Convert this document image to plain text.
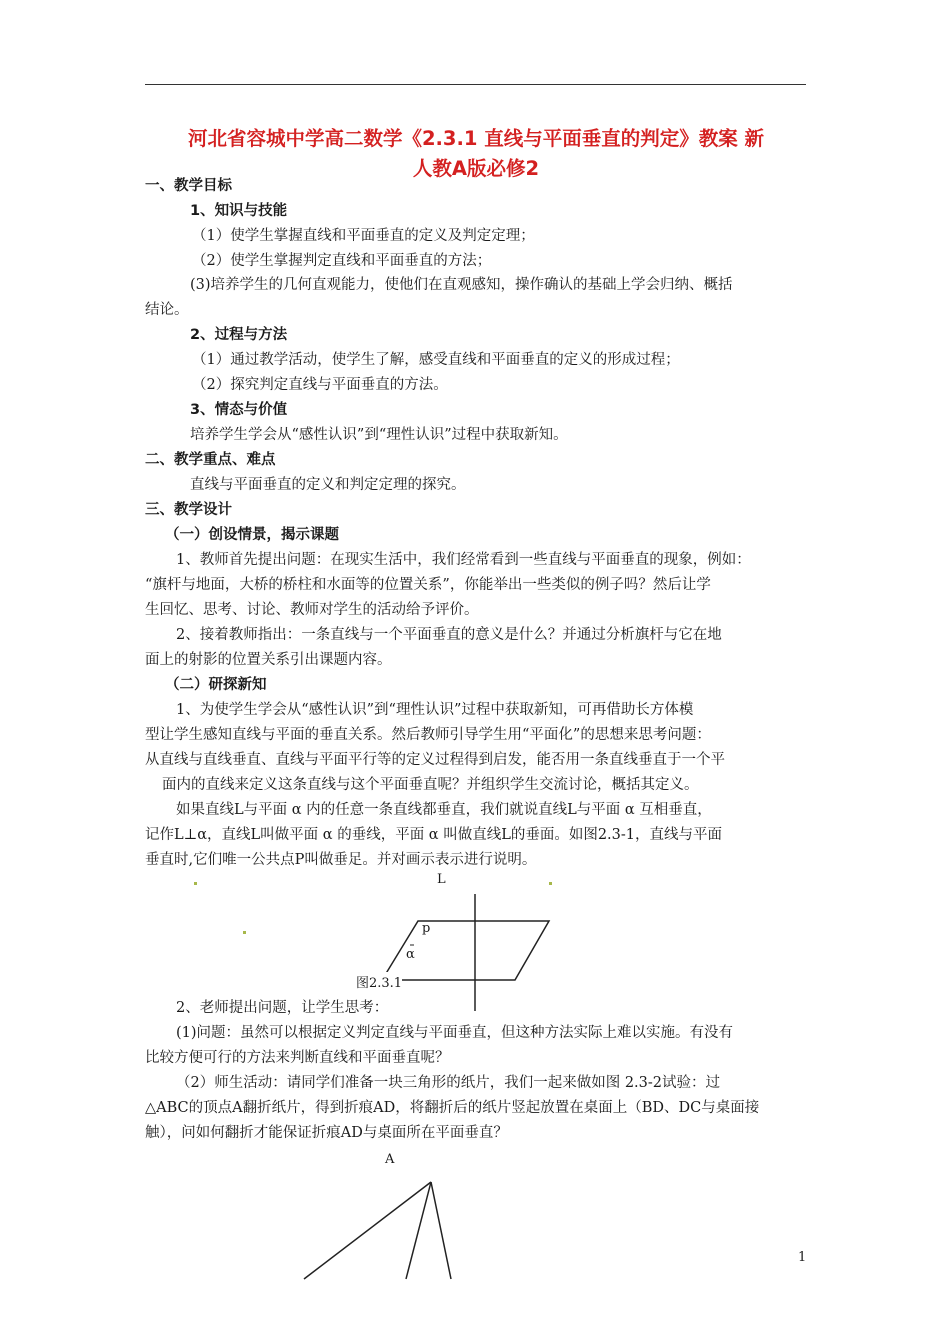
河北省容城中学高二数学《2.3.1 直线与平面垂直的判定》教案 新
人教A版必修2
一、教学目标
1、知识与技能
（1）使学生掌握直线和平面垂直的定义及判定定理；
（2）使学生掌握判定直线和平面垂直的方法；
(3)培养学生的几何直观能力，使他们在直观感知，操作确认的基础上学会归纳、概括
结论。
2、过程与方法
（1）通过教学活动，使学生了解，感受直线和平面垂直的定义的形成过程；
（2）探究判定直线与平面垂直的方法。
3、情态与价值
培养学生学会从“感性认识”到“理性认识”过程中获取新知。
二、教学重点、难点
直线与平面垂直的定义和判定定理的探究。
三、教学设计
（一）创设情景，揭示课题
1、教师首先提出问题：在现实生活中，我们经常看到一些直线与平面垂直的现象，例如：
“旗杆与地面，大桥的桥柱和水面等的位置关系”，你能举出一些类似的例子吗？然后让学
生回忆、思考、讨论、教师对学生的活动给予评价。
2、接着教师指出：一条直线与一个平面垂直的意义是什么？并通过分析旗杆与它在地
面上的射影的位置关系引出课题内容。
（二）研探新知
1、为使学生学会从“感性认识”到“理性认识”过程中获取新知，可再借助长方体模
型让学生感知直线与平面的垂直关系。然后教师引导学生用“平面化”的思想来思考问题：
从直线与直线垂直、直线与平面平行等的定义过程得到启发，能否用一条直线垂直于一个平
面内的直线来定义这条直线与这个平面垂直呢？并组织学生交流讨论，概括其定义。
如果直线L与平面 α 内的任意一条直线都垂直，我们就说直线L与平面 α 互相垂直，
记作L⊥α，直线L叫做平面 α 的垂线，平面 α 叫做直线L的垂面。如图2.3-1，直线与平面
垂直时,它们唯一公共点P叫做垂足。并对画示表示进行说明。
L
p
α
图2.3.1
2、老师提出问题，让学生思考：
(1)问题：虽然可以根据定义判定直线与平面垂直，但这种方法实际上难以实施。有没有
比较方便可行的方法来判断直线和平面垂直呢？
（2）师生活动：请同学们准备一块三角形的纸片，我们一起来做如图 2.3-2试验：过
△ABC的顶点A翻折纸片，得到折痕AD，将翻折后的纸片竖起放置在桌面上（BD、DC与桌面接
触），问如何翻折才能保证折痕AD与桌面所在平面垂直？
A
1
